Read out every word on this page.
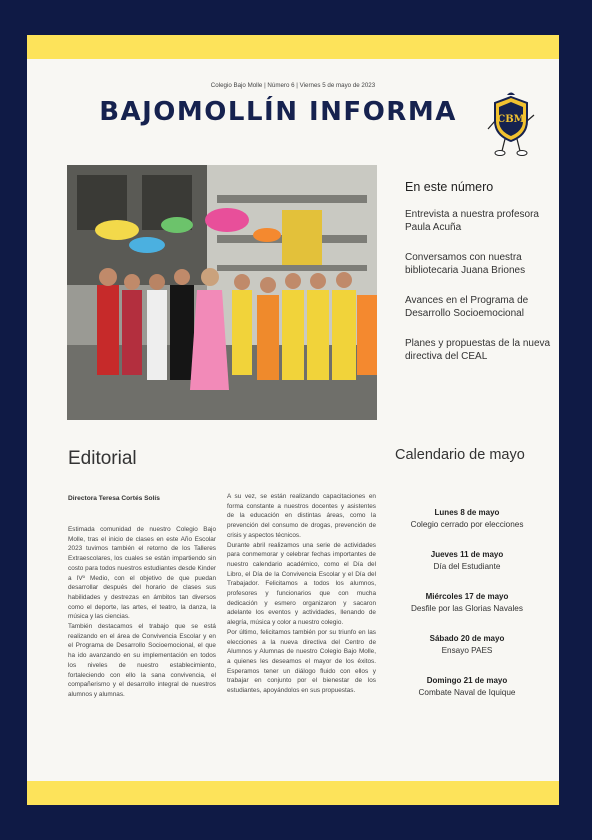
Colegio Bajo Molle | Número 6 | Viernes 5 de mayo de 2023
BAJOMOLLÍN INFORMA	CBM
En este número
Entrevista a nuestra profesora Paula Acuña
Conversamos con nuestra bibliotecaria Juana Briones
Avances en el Programa de Desarrollo Socioemocional
Planes y propuestas de la nueva directiva del CEAL
Editorial	Calendario de mayo
Directora Teresa Cortés Solís

Estimada comunidad de nuestro Colegio Bajo Molle, tras el inicio de clases en este Año Escolar 2023 tuvimos también el retorno de los Talleres Extraescolares, los cuales se están impartiendo sin costo para todos nuestros estudiantes desde Kinder a IVº Medio, con el objetivo de que puedan desarrollar después del horario de clases sus habilidades y destrezas en ámbitos tan diversos como el deporte, las artes, el teatro, la danza, la música y las ciencias.

También destacamos el trabajo que se está realizando en el área de Convivencia Escolar y en el Programa de Desarrollo Socioemocional, el que ha ido avanzando en su implementación en todos los niveles de nuestro establecimiento, fortaleciendo con ello la sana convivencia, el compañerismo y el desarrollo integral de nuestros alumnos y alumnas.

A su vez, se están realizando capacitaciones en forma constante a nuestros docentes y asistentes de la educación en distintas áreas, como la prevención del consumo de drogas, prevención de crisis y aspectos técnicos.

Durante abril realizamos una serie de actividades para conmemorar y celebrar fechas importantes de nuestro calendario académico, como el Día del Libro, el Día de la Convivencia Escolar y el Día del Trabajador. Felicitamos a todos los alumnos, profesores y funcionarios que con mucha dedicación y esmero organizaron y sacaron adelante los eventos y actividades, llenando de alegría, música y color a nuestro colegio.

Por último, felicitamos también por su triunfo en las elecciones a la nueva directiva del Centro de Alumnos y Alumnas de nuestro Colegio Bajo Molle, a quienes les deseamos el mayor de los éxitos. Esperamos tener un diálogo fluido con ellos y trabajar en conjunto por el bienestar de los estudiantes, apoyándolos en sus propuestas.

Lunes 8 de mayo
Colegio cerrado por elecciones
Jueves 11 de mayo
Día del Estudiante
Miércoles 17 de mayo
Desfile por las Glorias Navales
Sábado 20 de mayo
Ensayo PAES
Domingo 21 de mayo
Combate Naval de Iquique
